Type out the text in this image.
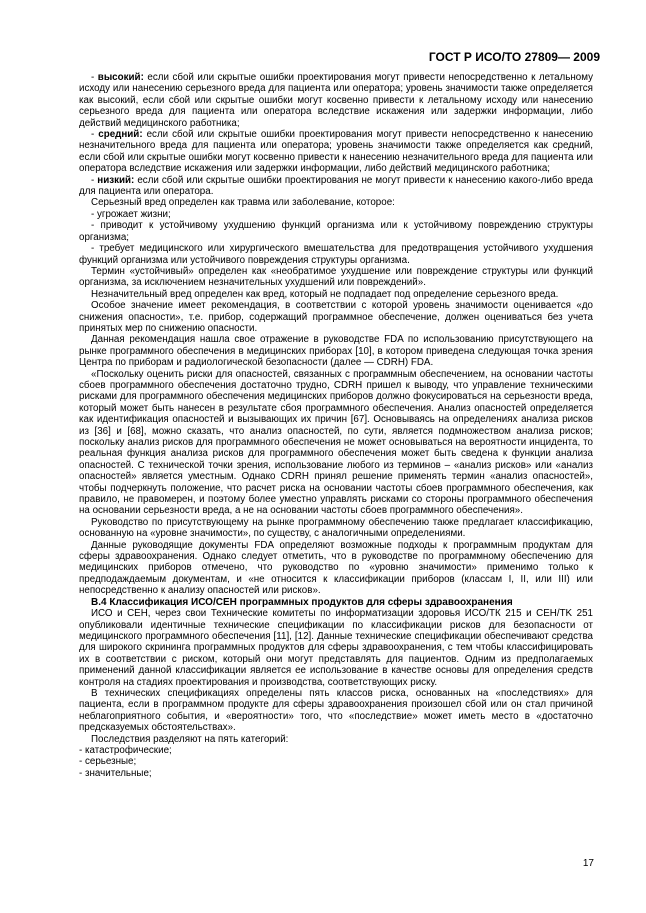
ГОСТ Р ИСО/ТО 27809— 2009

- высокий: если сбой или скрытые ошибки проектирования могут привести непосредственно к летальному исходу или нанесению серьезного вреда для пациента или оператора; уровень значимости также определяется как высокий, если сбой или скрытые ошибки могут косвенно привести к летальному исходу или нанесению серьезного вреда для пациента или оператора вследствие искажения или задержки информации, либо действий медицинского работника;

- средний: если сбой или скрытые ошибки проектирования могут привести непосредственно к нанесению незначительного вреда для пациента или оператора; уровень значимости также определяется как средний, если сбой или скрытые ошибки могут косвенно привести к нанесению незначительного вреда для пациента или оператора вследствие искажения или задержки информации, либо действий медицинского работника;

- низкий: если сбой или скрытые ошибки проектирования не могут привести к нанесению какого-либо вреда для пациента или оператора.

Серьезный вред определен как травма или заболевание, которое:

- угрожает жизни;

- приводит к устойчивому ухудшению функций организма или к устойчивому повреждению структуры организма;

- требует медицинского или хирургического вмешательства для предотвращения устойчивого ухудшения функций организма или устойчивого повреждения структуры организма.

Термин «устойчивый» определен как «необратимое ухудшение или повреждение структуры или функций организма, за исключением незначительных ухудшений или повреждений».

Незначительный вред определен как вред, который не подпадает под определение серьезного вреда.

Особое значение имеет рекомендация, в соответствии с которой уровень значимости оценивается «до снижения опасности», т.е. прибор, содержащий программное обеспечение, должен оцениваться без учета принятых мер по снижению опасности.

Данная рекомендация нашла свое отражение в руководстве FDA по использованию присутствующего на рынке программного обеспечения в медицинских приборах [10], в котором приведена следующая точка зрения Центра по приборам и радиологической безопасности (далее — CDRH) FDA.

«Поскольку оценить риски для опасностей, связанных с программным обеспечением, на основании частоты сбоев программного обеспечения достаточно трудно, CDRH пришел к выводу, что управление техническими рисками для программного обеспечения медицинских приборов должно фокусироваться на серьезности вреда, который может быть нанесен в результате сбоя программного обеспечения. Анализ опасностей определяется как идентификация опасностей и вызывающих их причин [67]. Основываясь на определениях анализа рисков из [36] и [68], можно сказать, что анализ опасностей, по сути, является подмножеством анализа рисков; поскольку анализ рисков для программного обеспечения не может основываться на вероятности инцидента, то реальная функция анализа рисков для программного обеспечения может быть сведена к функции анализа опасностей. С технической точки зрения, использование любого из терминов – «анализ рисков» или «анализ опасностей» является уместным. Однако CDRH принял решение применять термин «анализ опасностей», чтобы подчеркнуть положение, что расчет риска на основании частоты сбоев программного обеспечения, как правило, не правомерен, и поэтому более уместно управлять рисками со стороны программного обеспечения на основании серьезности вреда, а не на основании частоты сбоев программного обеспечения».

Руководство по присутствующему на рынке программному обеспечению также предлагает классификацию, основанную на «уровне значимости», по существу, с аналогичными определениями.

Данные руководящие документы FDA определяют возможные подходы к программным продуктам для сферы здравоохранения. Однако следует отметить, что в руководстве по программному обеспечению для медицинских приборов отмечено, что руководство по «уровню значимости» применимо только к предподаждаемым документам, и «не относится к классификации приборов (классам I, II, или III) или непосредственно к анализу опасностей или рисков».

В.4 Классификация ИСО/СЕН программных продуктов для сферы здравоохранения

ИСО и СЕН, через свои Технические комитеты по информатизации здоровья ИСО/ТК 215 и CEH/TK 251 опубликовали идентичные технические спецификации по классификации рисков для безопасности от медицинского программного обеспечения [11], [12]. Данные технические спецификации обеспечивают средства для широкого скрининга программных продуктов для сферы здравоохранения, с тем чтобы классифицировать их в соответствии с риском, который они могут представлять для пациентов. Одним из предполагаемых применений данной классификации является ее использование в качестве основы для определения средств контроля на стадиях проектирования и производства, соответствующих риску.

В технических спецификациях определены пять классов риска, основанных на «последствиях» для пациента, если в программном продукте для сферы здравоохранения произошел сбой или он стал причиной неблагоприятного события, и «вероятности» того, что «последствие» может иметь место в «достаточно предсказуемых обстоятельствах».

Последствия разделяют на пять категорий:

- катастрофические;

- серьезные;

- значительные;

17
